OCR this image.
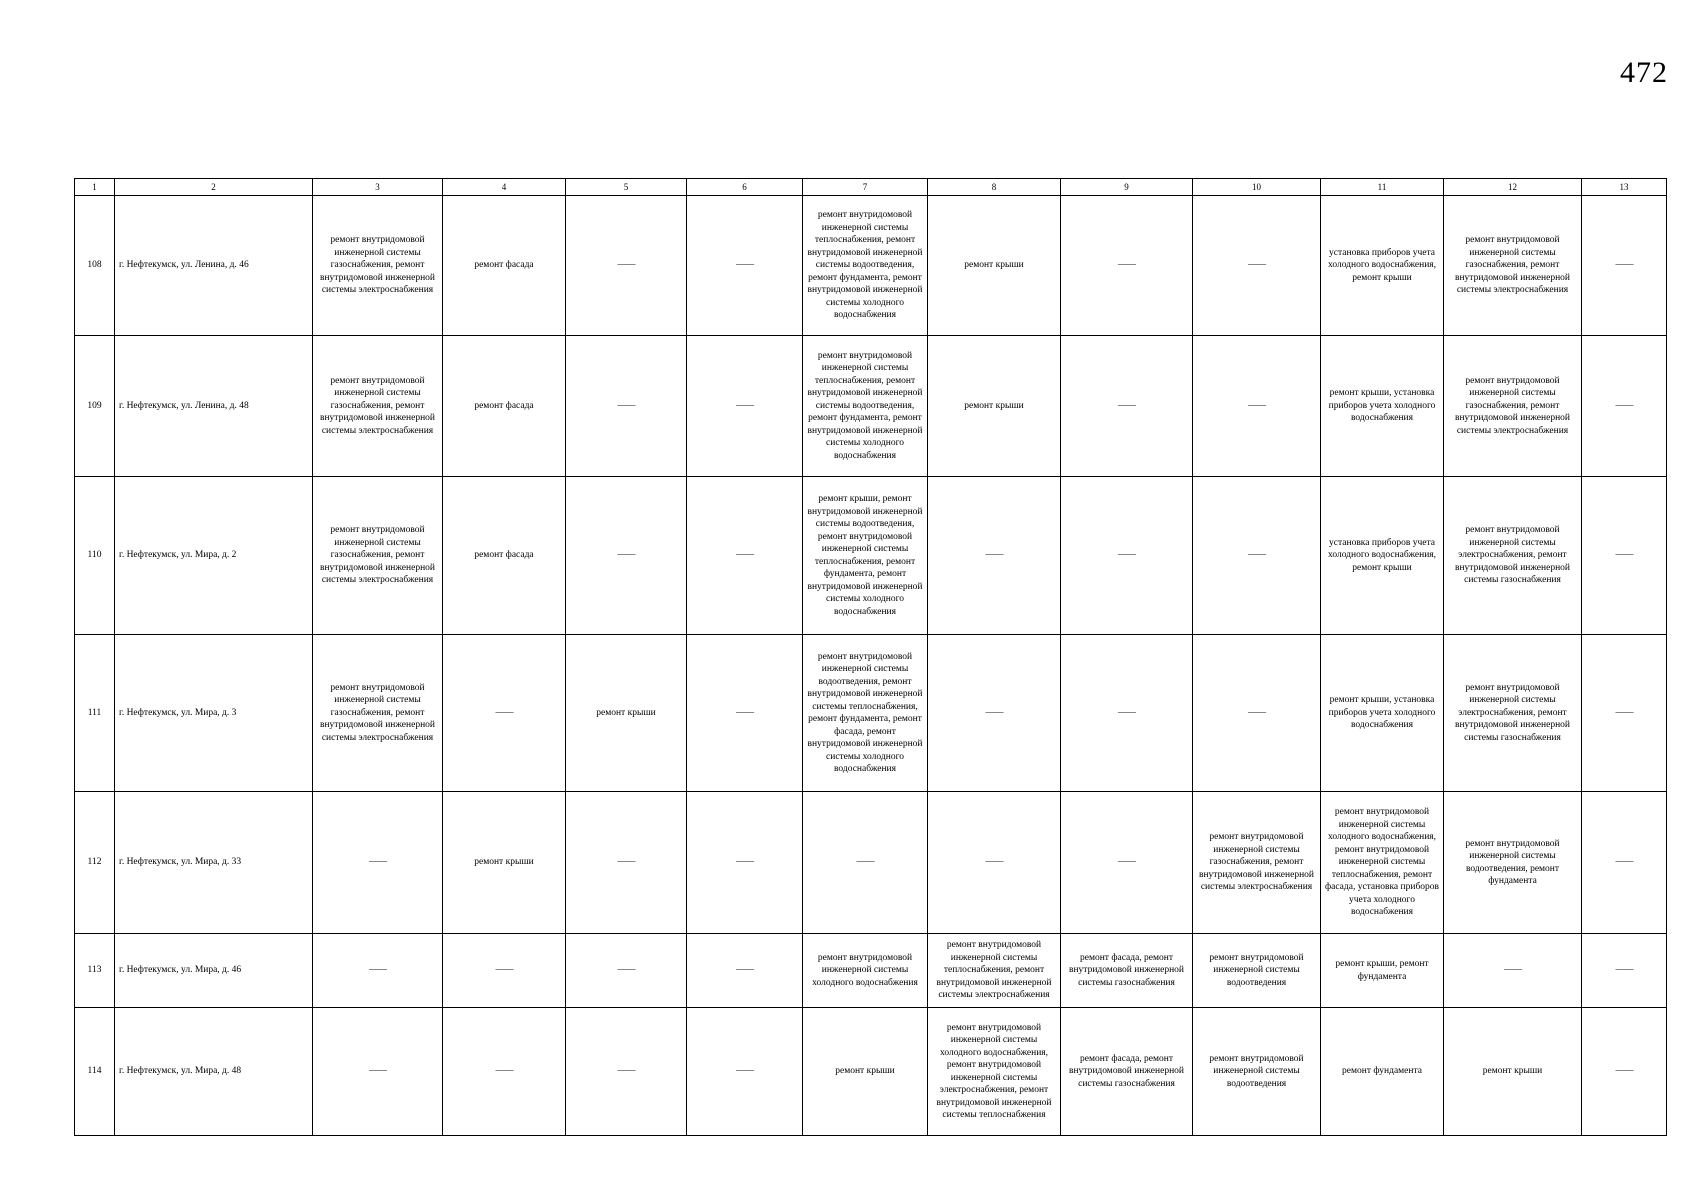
472
1	2	3	4	5	6	7	8	9	10	11	12	13
108	г. Нефтекумск, ул. Ленина, д. 46	ремонт внутридомовой инженерной системы газоснабжения, ремонт внутридомовой инженерной системы электроснабжения	ремонт фасада	——	——	ремонт внутридомовой инженерной системы теплоснабжения, ремонт внутридомовой инженерной системы водоотведения, ремонт фундамента, ремонт внутридомовой инженерной системы холодного водоснабжения	ремонт крыши	——	——	установка приборов учета холодного водоснабжения, ремонт крыши	ремонт внутридомовой инженерной системы газоснабжения, ремонт внутридомовой инженерной системы электроснабжения	——
109	г. Нефтекумск, ул. Ленина, д. 48	ремонт внутридомовой инженерной системы газоснабжения, ремонт внутридомовой инженерной системы электроснабжения	ремонт фасада	——	——	ремонт внутридомовой инженерной системы теплоснабжения, ремонт внутридомовой инженерной системы водоотведения, ремонт фундамента, ремонт внутридомовой инженерной системы холодного водоснабжения	ремонт крыши	——	——	ремонт крыши, установка приборов учета холодного водоснабжения	ремонт внутридомовой инженерной системы газоснабжения, ремонт внутридомовой инженерной системы электроснабжения	——
110	г. Нефтекумск, ул. Мира, д. 2	ремонт внутридомовой инженерной системы газоснабжения, ремонт внутридомовой инженерной системы электроснабжения	ремонт фасада	——	——	ремонт крыши, ремонт внутридомовой инженерной системы водоотведения, ремонт внутридомовой инженерной системы теплоснабжения, ремонт фундамента, ремонт внутридомовой инженерной системы холодного водоснабжения	——	——	——	установка приборов учета холодного водоснабжения, ремонт крыши	ремонт внутридомовой инженерной системы электроснабжения, ремонт внутридомовой инженерной системы газоснабжения	——
111	г. Нефтекумск, ул. Мира, д. 3	ремонт внутридомовой инженерной системы газоснабжения, ремонт внутридомовой инженерной системы электроснабжения	——	ремонт крыши	——	ремонт внутридомовой инженерной системы водоотведения, ремонт внутридомовой инженерной системы теплоснабжения, ремонт фундамента, ремонт фасада, ремонт внутридомовой инженерной системы холодного водоснабжения	——	——	——	ремонт крыши, установка приборов учета холодного водоснабжения	ремонт внутридомовой инженерной системы электроснабжения, ремонт внутридомовой инженерной системы газоснабжения	——
112	г. Нефтекумск, ул. Мира, д. 33	——	ремонт крыши	——	——	——	——	——	ремонт внутридомовой инженерной системы газоснабжения, ремонт внутридомовой инженерной системы электроснабжения	ремонт внутридомовой инженерной системы холодного водоснабжения, ремонт внутридомовой инженерной системы теплоснабжения, ремонт фасада, установка приборов учета холодного водоснабжения	ремонт внутридомовой инженерной системы водоотведения, ремонт фундамента	——
113	г. Нефтекумск, ул. Мира, д. 46	——	——	——	——	ремонт внутридомовой инженерной системы холодного водоснабжения	ремонт внутридомовой инженерной системы теплоснабжения, ремонт внутридомовой инженерной системы электроснабжения	ремонт фасада, ремонт внутридомовой инженерной системы газоснабжения	ремонт внутридомовой инженерной системы водоотведения	ремонт крыши, ремонт фундамента	——	——
114	г. Нефтекумск, ул. Мира, д. 48	——	——	——	——	ремонт крыши	ремонт внутридомовой инженерной системы холодного водоснабжения, ремонт внутридомовой инженерной системы электроснабжения, ремонт внутридомовой инженерной системы теплоснабжения	ремонт фасада, ремонт внутридомовой инженерной системы газоснабжения	ремонт внутридомовой инженерной системы водоотведения	ремонт фундамента	ремонт крыши	——
